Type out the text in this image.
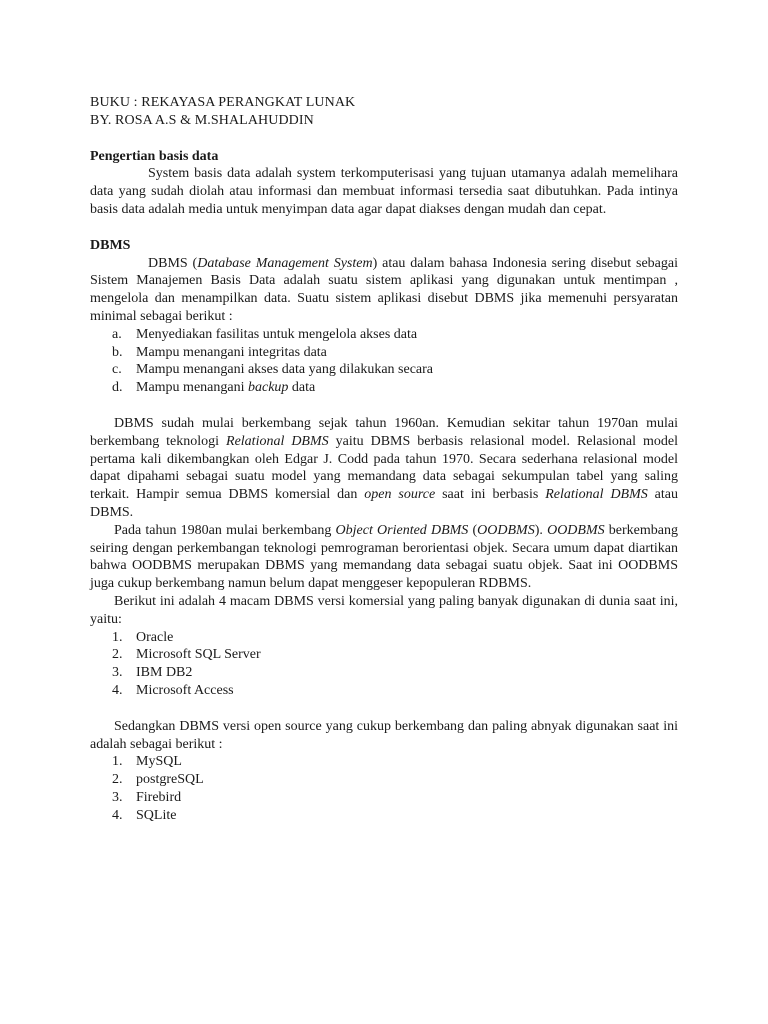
BUKU : REKAYASA PERANGKAT LUNAK
BY. ROSA A.S & M.SHALAHUDDIN
Pengertian basis data

System basis data adalah system terkomputerisasi yang tujuan utamanya adalah memelihara data yang sudah diolah atau informasi dan membuat informasi tersedia saat dibutuhkan. Pada intinya basis data adalah media untuk menyimpan data agar dapat diakses dengan mudah dan cepat.

DBMS

DBMS (Database Management System) atau dalam bahasa Indonesia sering disebut sebagai Sistem Manajemen Basis Data adalah suatu sistem aplikasi yang digunakan untuk mentimpan , mengelola dan menampilkan data. Suatu sistem aplikasi disebut DBMS jika memenuhi persyaratan minimal sebagai berikut :

a. Menyediakan fasilitas untuk mengelola akses data
b. Mampu menangani integritas data
c. Mampu menangani akses data yang dilakukan secara
d. Mampu menangani backup data

DBMS sudah mulai berkembang sejak tahun 1960an. Kemudian sekitar tahun 1970an mulai berkembang teknologi Relational DBMS yaitu DBMS berbasis relasional model. Relasional model pertama kali dikembangkan oleh Edgar J. Codd pada tahun 1970. Secara sederhana relasional model dapat dipahami sebagai suatu model yang memandang data sebagai sekumpulan tabel yang saling terkait. Hampir semua DBMS komersial dan open source saat ini berbasis Relational DBMS atau DBMS.

Pada tahun 1980an mulai berkembang Object Oriented DBMS (OODBMS). OODBMS berkembang seiring dengan perkembangan teknologi pemrograman berorientasi objek. Secara umum dapat diartikan bahwa OODBMS merupakan DBMS yang memandang data sebagai suatu objek. Saat ini OODBMS juga cukup berkembang namun belum dapat menggeser kepopuleran RDBMS.

Berikut ini adalah 4 macam DBMS versi komersial yang paling banyak digunakan di dunia saat ini, yaitu:

1. Oracle
2. Microsoft SQL Server
3. IBM DB2
4. Microsoft Access

Sedangkan DBMS versi open source yang cukup berkembang dan paling abnyak digunakan saat ini adalah sebagai berikut :

1. MySQL
2. postgreSQL
3. Firebird
4. SQLite
